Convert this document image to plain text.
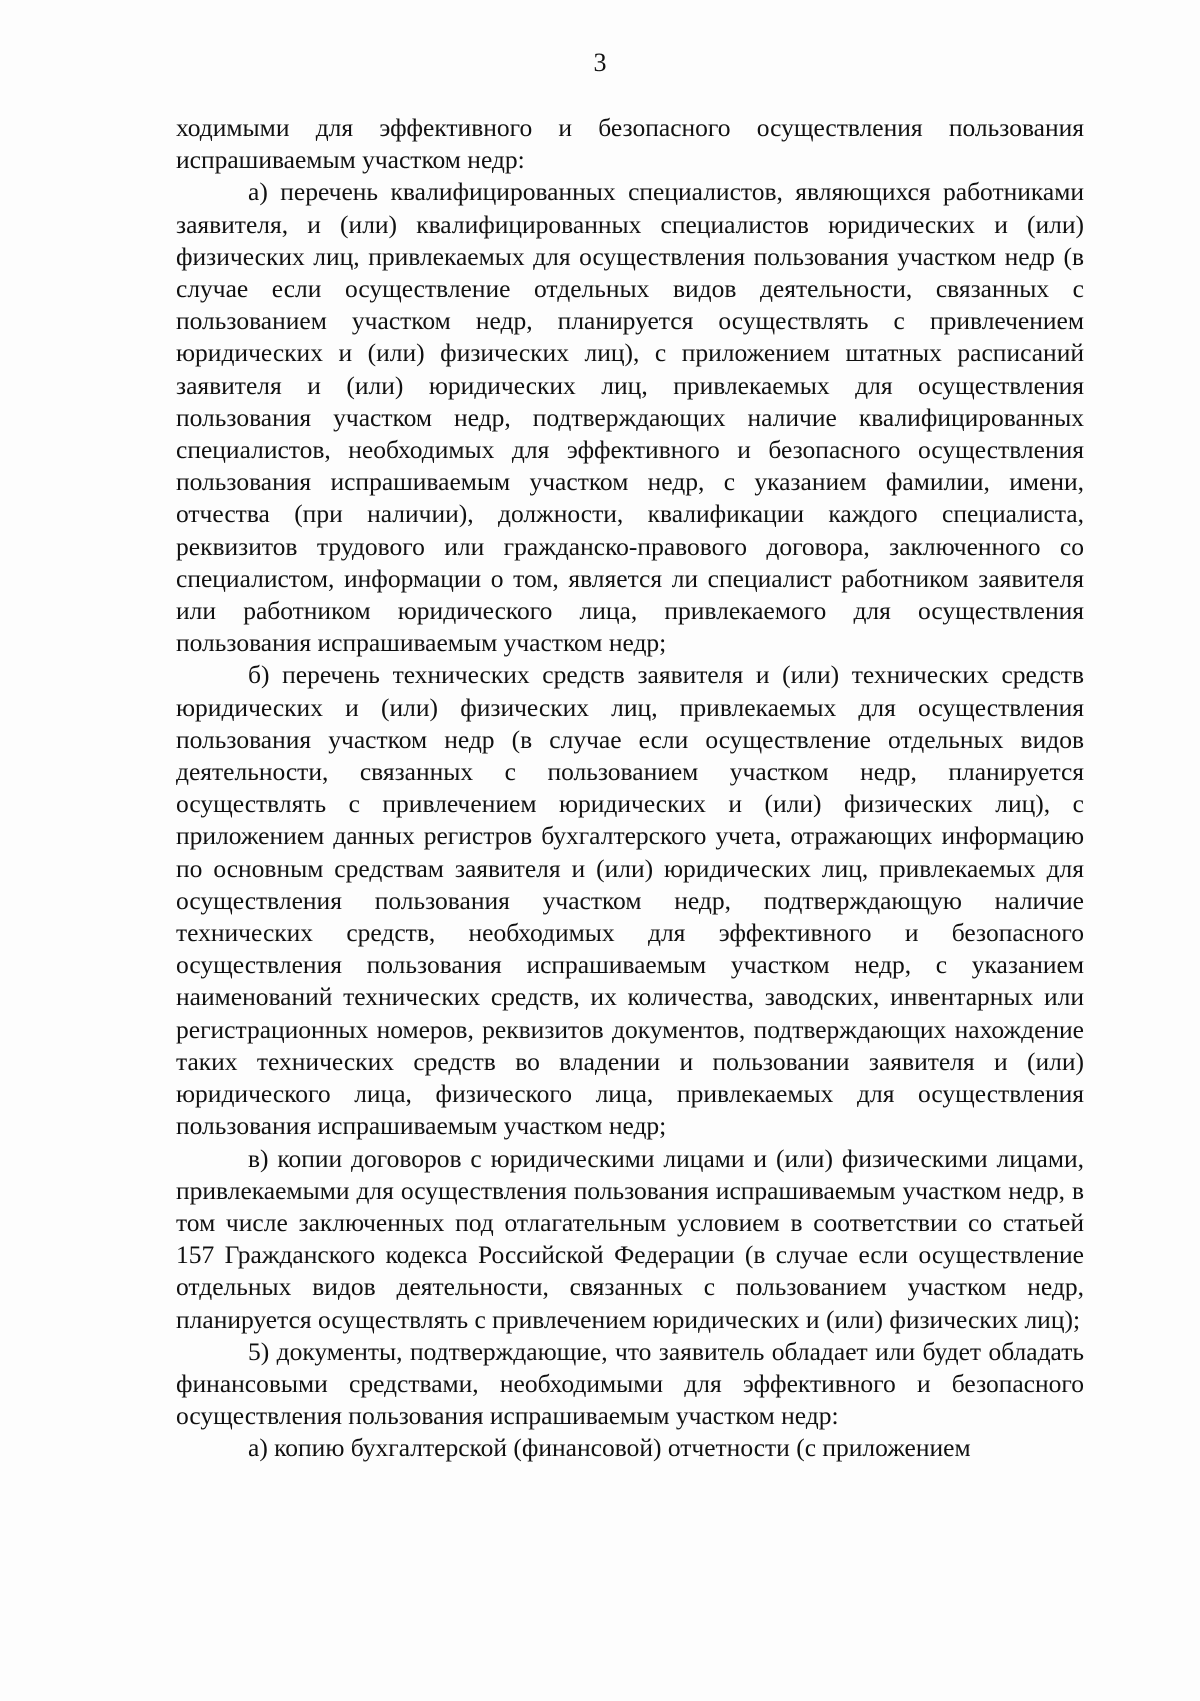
3

ходимыми для эффективного и безопасного осуществления пользования испрашиваемым участком недр:

а) перечень квалифицированных специалистов, являющихся работниками заявителя, и (или) квалифицированных специалистов юридических и (или) физических лиц, привлекаемых для осуществления пользования участком недр (в случае если осуществление отдельных видов деятельности, связанных с пользованием участком недр, планируется осуществлять с привлечением юридических и (или) физических лиц), с приложением штатных расписаний заявителя и (или) юридических лиц, привлекаемых для осуществления пользования участком недр, подтверждающих наличие квалифицированных специалистов, необходимых для эффективного и безопасного осуществления пользования испрашиваемым участком недр, с указанием фамилии, имени, отчества (при наличии), должности, квалификации каждого специалиста, реквизитов трудового или гражданско-правового договора, заключенного со специалистом, информации о том, является ли специалист работником заявителя или работником юридического лица, привлекаемого для осуществления пользования испрашиваемым участком недр;

б) перечень технических средств заявителя и (или) технических средств юридических и (или) физических лиц, привлекаемых для осуществления пользования участком недр (в случае если осуществление отдельных видов деятельности, связанных с пользованием участком недр, планируется осуществлять с привлечением юридических и (или) физических лиц), с приложением данных регистров бухгалтерского учета, отражающих информацию по основным средствам заявителя и (или) юридических лиц, привлекаемых для осуществления пользования участком недр, подтверждающую наличие технических средств, необходимых для эффективного и безопасного осуществления пользования испрашиваемым участком недр, с указанием наименований технических средств, их количества, заводских, инвентарных или регистрационных номеров, реквизитов документов, подтверждающих нахождение таких технических средств во владении и пользовании заявителя и (или) юридического лица, физического лица, привлекаемых для осуществления пользования испрашиваемым участком недр;

в) копии договоров с юридическими лицами и (или) физическими лицами, привлекаемыми для осуществления пользования испрашиваемым участком недр, в том числе заключенных под отлагательным условием в соответствии со статьей 157 Гражданского кодекса Российской Федерации (в случае если осуществление отдельных видов деятельности, связанных с пользованием участком недр, планируется осуществлять с привлечением юридических и (или) физических лиц);

5) документы, подтверждающие, что заявитель обладает или будет обладать финансовыми средствами, необходимыми для эффективного и безопасного осуществления пользования испрашиваемым участком недр:

а) копию бухгалтерской (финансовой) отчетности (с приложением
